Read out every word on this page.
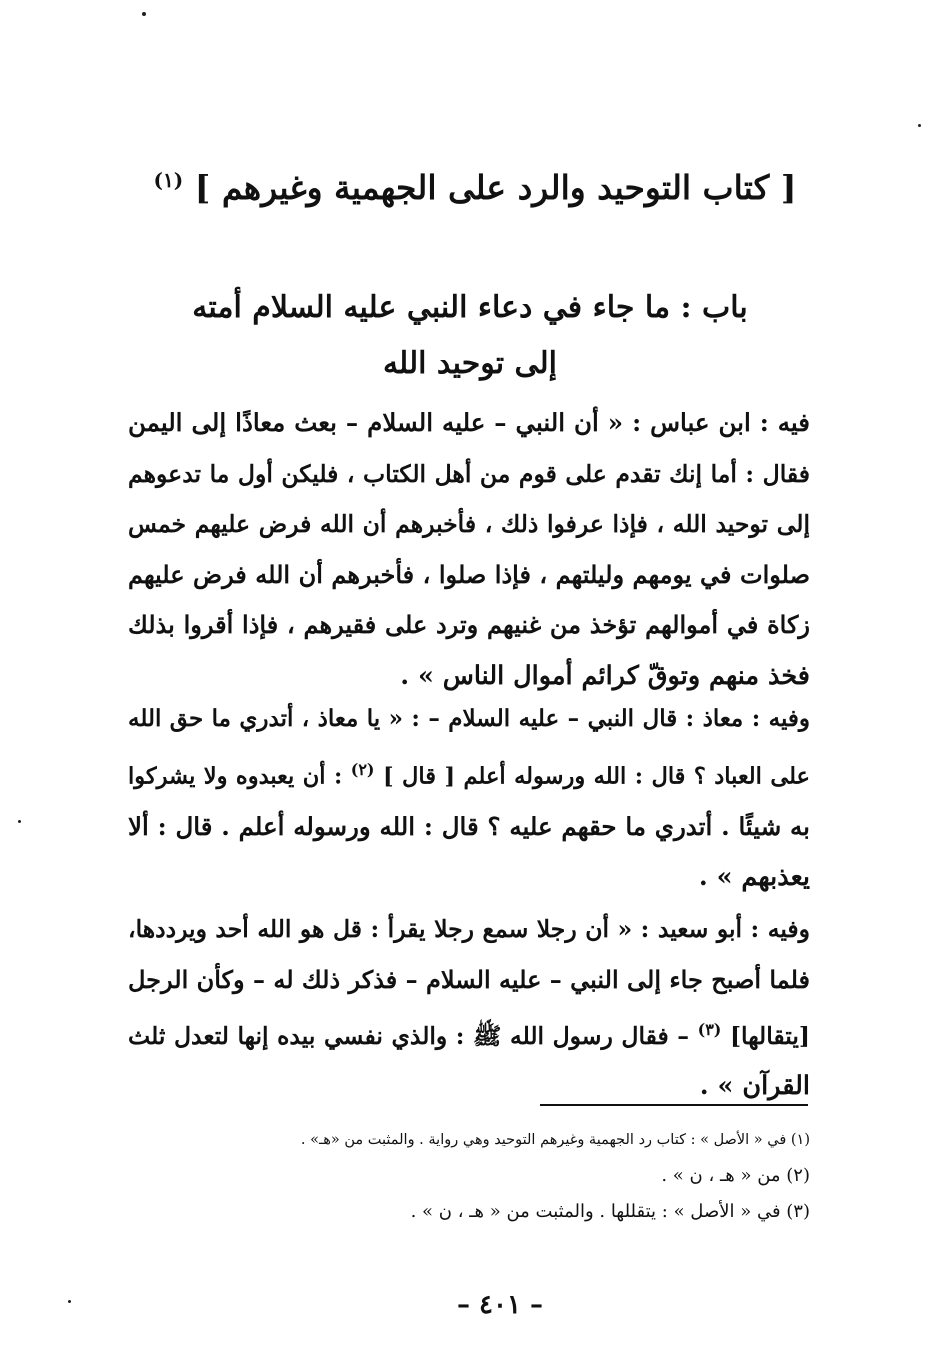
[ كتاب التوحيد والرد على الجهمية وغيرهم ] $^{(١)}$
باب : ما جاء في دعاء النبي عليه السلام أمته
إلى توحيد الله
فيه : ابن عباس : « أن النبي – عليه السلام – بعث معاذًا إلى اليمن
فقال : أما إنك تقدم على قوم من أهل الكتاب ، فليكن أول ما تدعوهم
إلى توحيد الله ، فإذا عرفوا ذلك ، فأخبرهم أن الله فرض عليهم خمس
صلوات في يومهم وليلتهم ، فإذا صلوا ، فأخبرهم أن الله فرض عليهم
زكاة في أموالهم تؤخذ من غنيهم وترد على فقيرهم ، فإذا أقروا بذلك
فخذ منهم وتوقّ كرائم أموال الناس » .
وفيه : معاذ : قال النبي – عليه السلام – : « يا معاذ ، أتدري ما حق الله
على العباد ؟ قال : الله ورسوله أعلم [ قال ] $^{(٢)}$ : أن يعبدوه ولا يشركوا
به شيئًا . أتدري ما حقهم عليه ؟ قال : الله ورسوله أعلم . قال : ألا
يعذبهم » .
وفيه : أبو سعيد : « أن رجلا سمع رجلا يقرأ : قل هو الله أحد ويرددها،
فلما أصبح جاء إلى النبي – عليه السلام – فذكر ذلك له – وكأن الرجل
[يتقالها] $^{(٣)}$ – فقال رسول الله ﷺ : والذي نفسي بيده إنها لتعدل ثلث
القرآن » .
(١) في « الأصل » : كتاب رد الجهمية وغيرهم التوحيد وهي رواية . والمثبت من «هـ» .
(٢) من « هـ ، ن » .
(٣) في « الأصل » : يتقللها . والمثبت من « هـ ، ن » .
– ٤٠١ –
